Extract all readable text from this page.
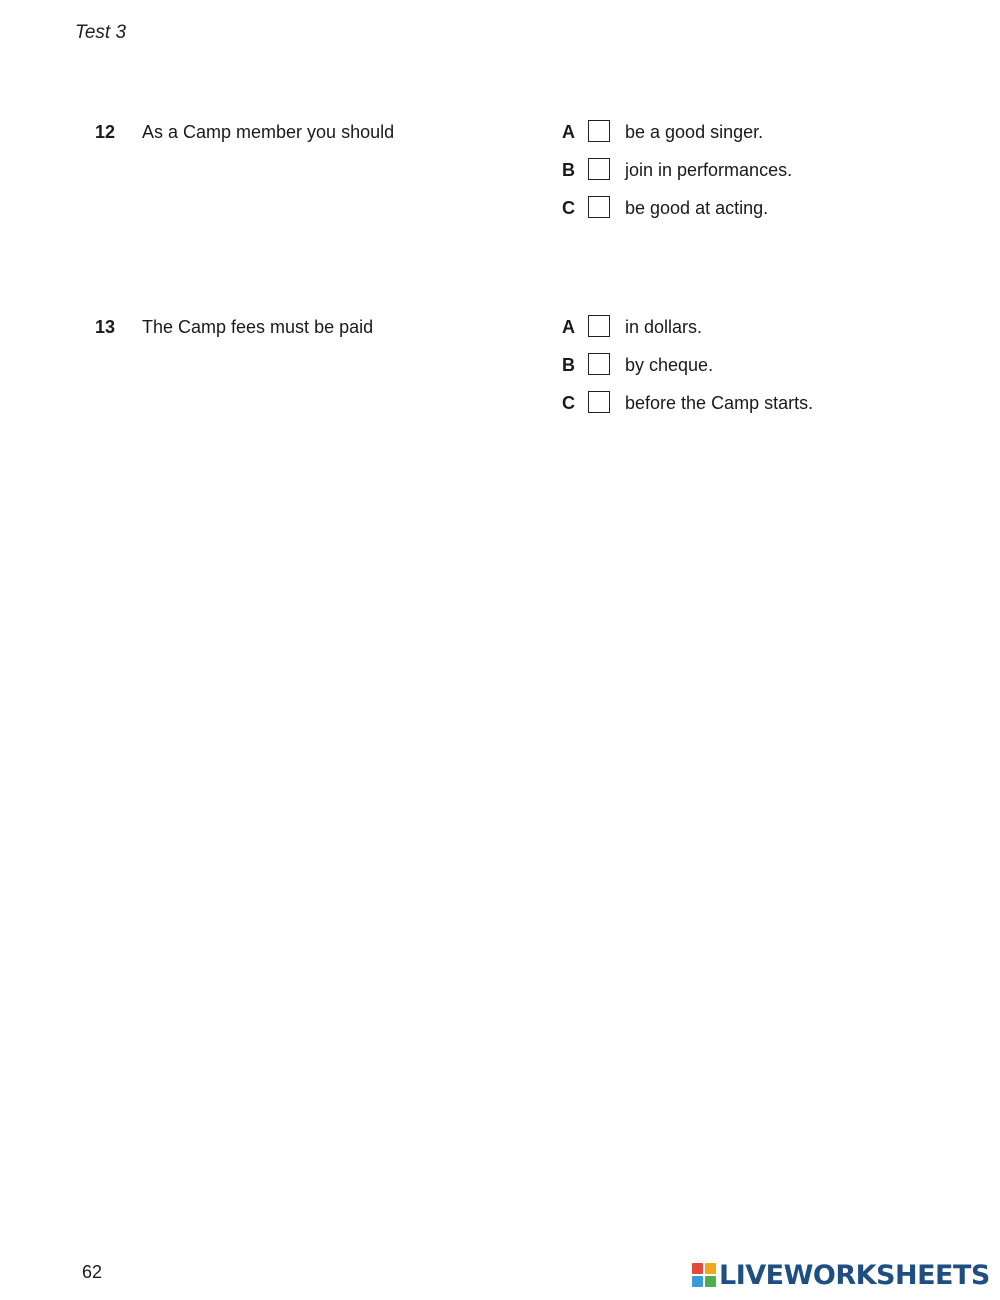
Test 3
12 As a Camp member you should	A	be a good singer.
B	join in performances.
C	be good at acting.
13 The Camp fees must be paid	A	in dollars.
B	by cheque.
C	before the Camp starts.
62	LIVEWORKSHEETS
